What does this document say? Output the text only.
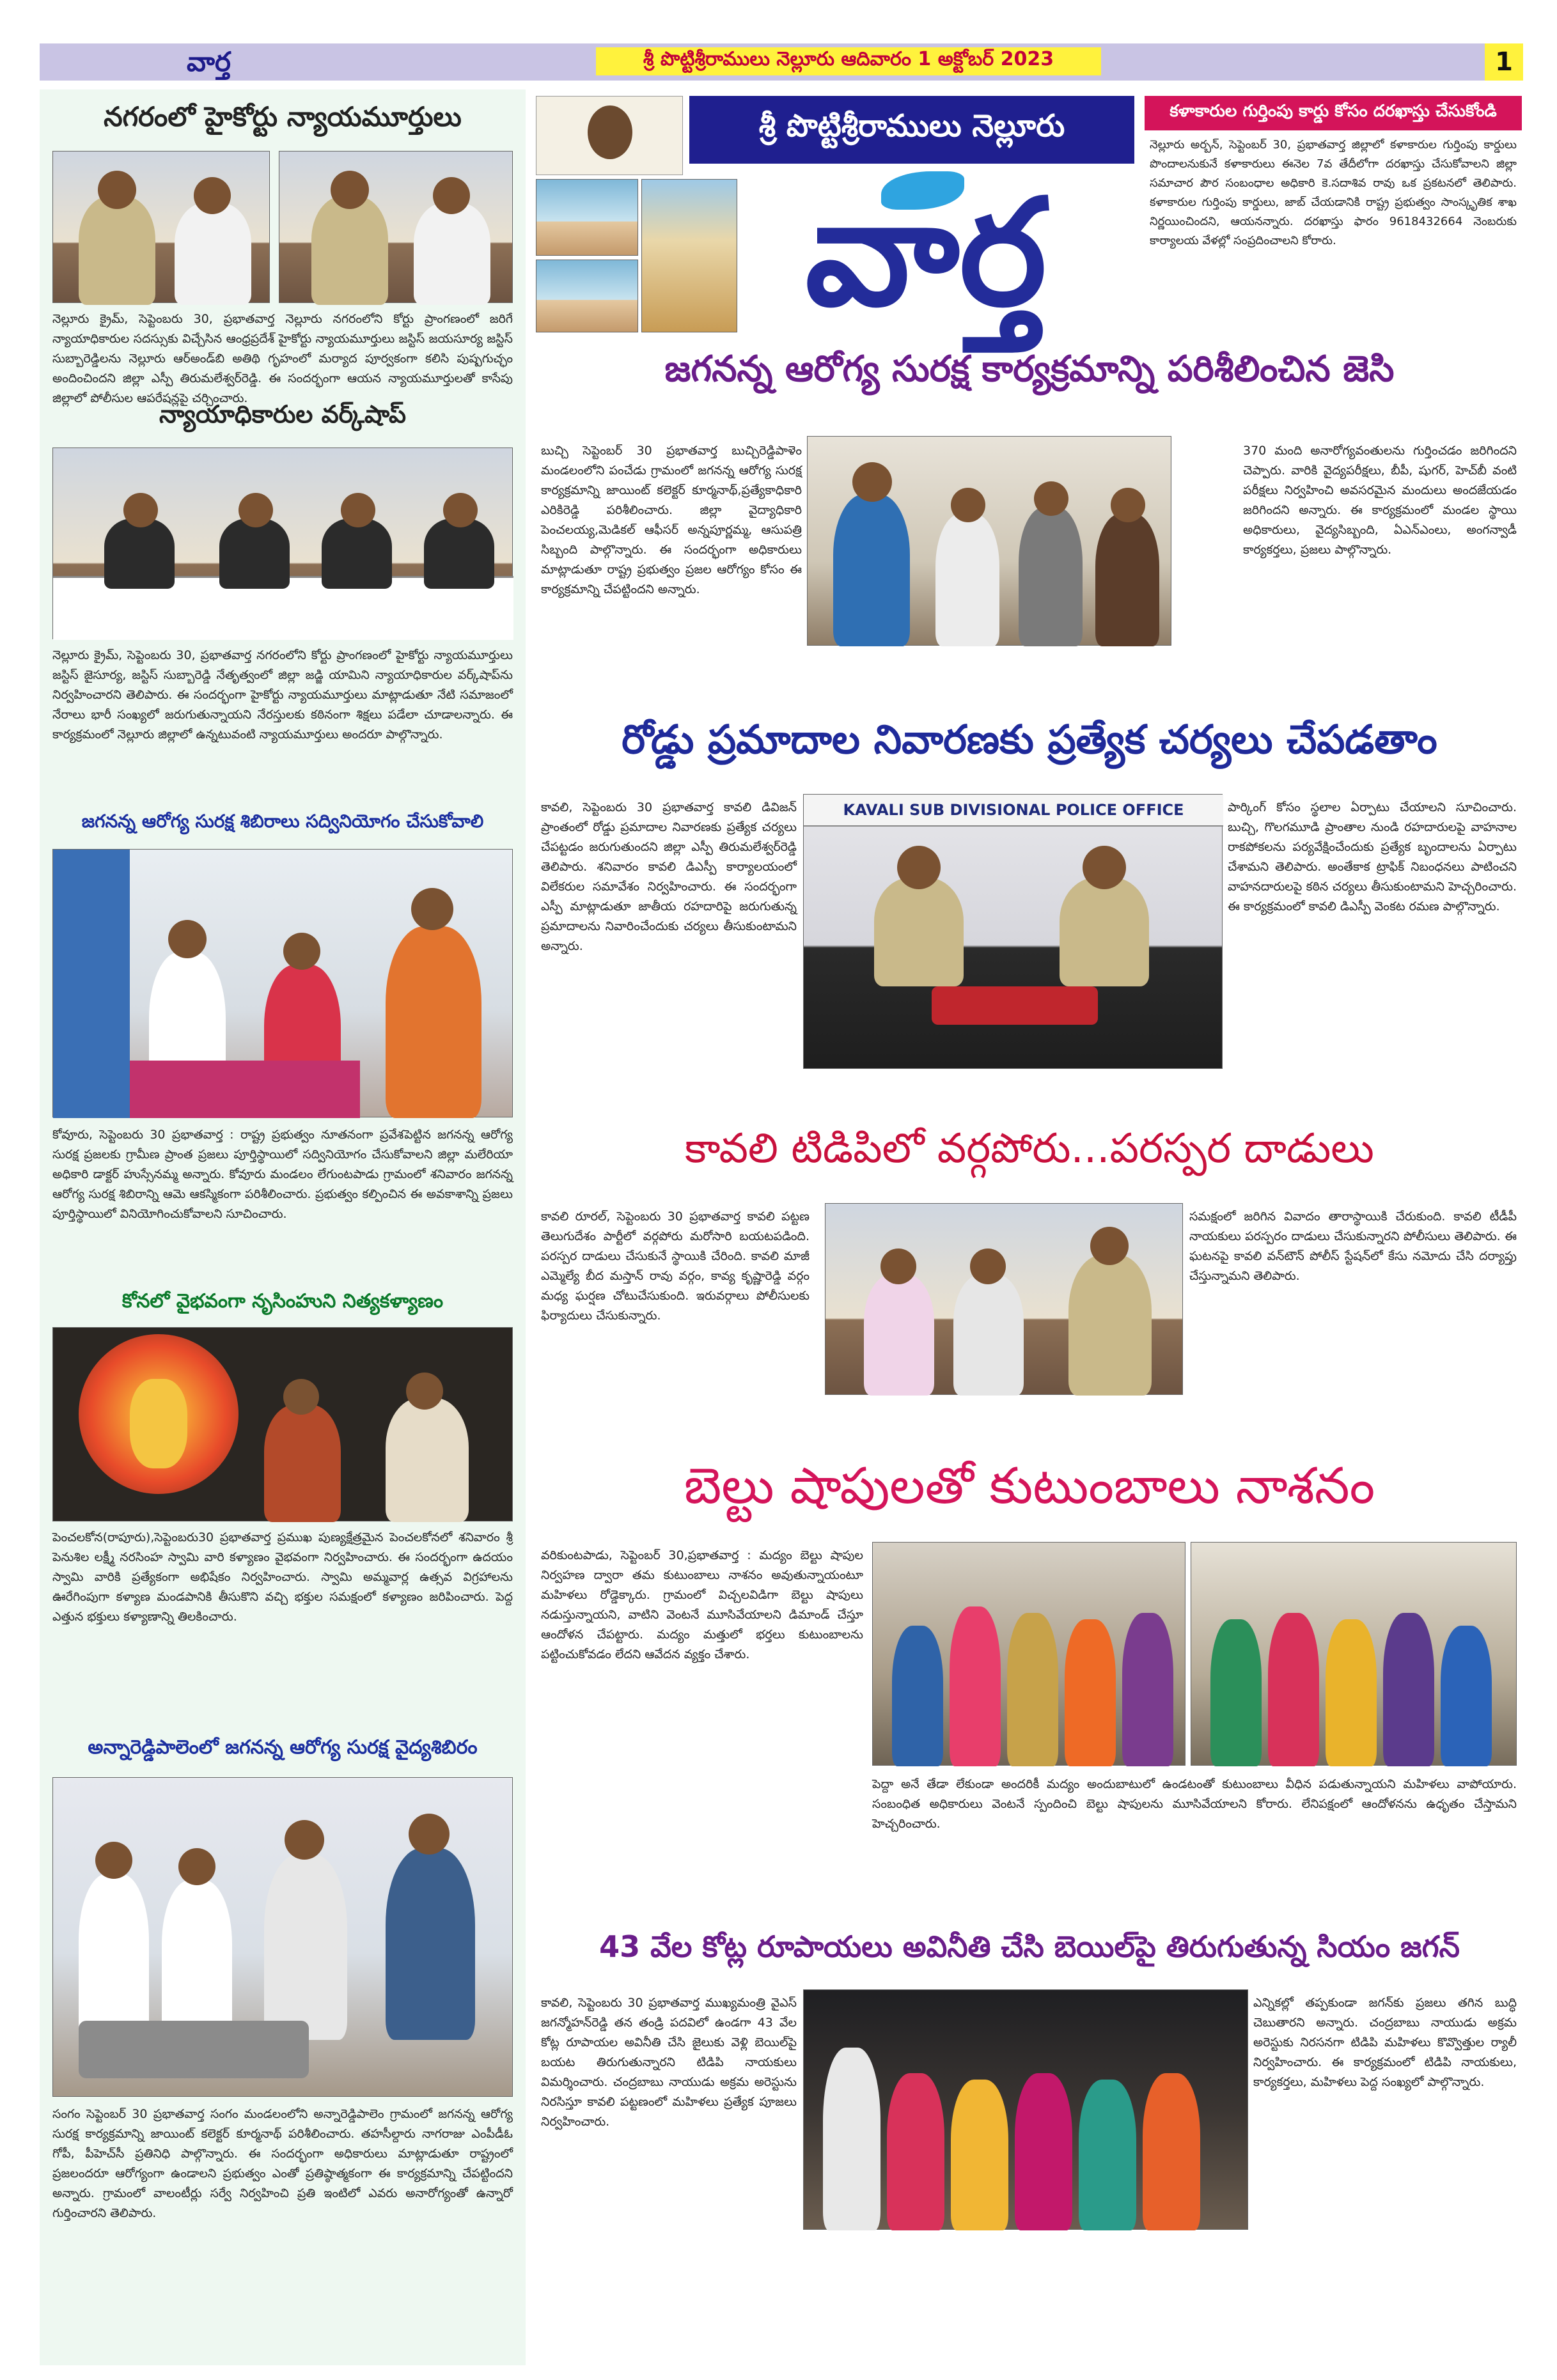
వార్త	శ్రీ పొట్టిశ్రీరాములు నెల్లూరు ఆదివారం 1 అక్టోబర్ 2023	1
నగరంలో హైకోర్టు న్యాయమూర్తులు
నెల్లూరు క్రైమ్, సెప్టెంబరు 30, ప్రభాతవార్త నెల్లూరు నగరంలోని కోర్టు ప్రాంగణంలో జరిగే న్యాయాధికారుల సదస్సుకు విచ్చేసిన ఆంధ్రప్రదేశ్ హైకోర్టు న్యాయమూర్తులు జస్టిస్ జయసూర్య జస్టిస్ సుబ్బారెడ్డిలను నెల్లూరు ఆర్‌అండ్‌బి అతిథి గృహంలో మర్యాద పూర్వకంగా కలిసి పుష్పగుచ్ఛం అందించిందని జిల్లా ఎస్పీ తిరుమలేశ్వర్‌రెడ్డి. ఈ సందర్భంగా ఆయన న్యాయమూర్తులతో కాసేపు జిల్లాలో పోలీసుల ఆపరేషన్లపై చర్చించారు.
న్యాయాధికారుల వర్క్‌షాప్
నెల్లూరు క్రైమ్, సెప్టెంబరు 30, ప్రభాతవార్త నగరంలోని కోర్టు ప్రాంగణంలో హైకోర్టు న్యాయమూర్తులు జస్టిస్ జైసూర్య, జస్టిస్ సుబ్బారెడ్డి నేతృత్వంలో జిల్లా జడ్జి యామిని న్యాయాధికారుల వర్క్‌షాప్‌ను నిర్వహించారని తెలిపారు. ఈ సందర్భంగా హైకోర్టు న్యాయమూర్తులు మాట్లాడుతూ నేటి సమాజంలో నేరాలు భారీ సంఖ్యలో జరుగుతున్నాయని నేరస్తులకు కఠినంగా శిక్షలు పడేలా చూడాలన్నారు. ఈ కార్యక్రమంలో నెల్లూరు జిల్లాలో ఉన్నటువంటి న్యాయమూర్తులు అందరూ పాల్గొన్నారు.
జగనన్న ఆరోగ్య సురక్ష శిబిరాలు సద్వినియోగం చేసుకోవాలి
కోవూరు, సెప్టెంబరు 30 ప్రభాతవార్త : రాష్ట్ర ప్రభుత్వం నూతనంగా ప్రవేశపెట్టిన జగనన్న ఆరోగ్య సురక్ష ప్రజలకు గ్రామీణ ప్రాంత ప్రజలు పూర్తిస్థాయిలో సద్వినియోగం చేసుకోవాలని జిల్లా మలేరియా అధికారి డాక్టర్ హుస్సేనమ్మ అన్నారు. కోవూరు మండలం లేగుంటపాడు గ్రామంలో శనివారం జగనన్న ఆరోగ్య సురక్ష శిబిరాన్ని ఆమె ఆకస్మికంగా పరిశీలించారు. ప్రభుత్వం కల్పించిన ఈ అవకాశాన్ని ప్రజలు పూర్తిస్థాయిలో వినియోగించుకోవాలని సూచించారు.
కోనలో వైభవంగా నృసింహుని నిత్యకళ్యాణం
పెంచలకోన(రాపూరు),సెప్టెంబరు30 ప్రభాతవార్త ప్రముఖ పుణ్యక్షేత్రమైన పెంచలకోనలో శనివారం శ్రీ పెనుశిల లక్ష్మీ నరసింహ స్వామి వారి కళ్యాణం వైభవంగా నిర్వహించారు. ఈ సందర్భంగా ఉదయం స్వామి వారికి ప్రత్యేకంగా అభిషేకం నిర్వహించారు. స్వామి అమ్మవార్ల ఉత్సవ విగ్రహాలను ఊరేగింపుగా కళ్యాణ మండపానికి తీసుకొని వచ్చి భక్తుల సమక్షంలో కళ్యాణం జరిపించారు. పెద్ద ఎత్తున భక్తులు కళ్యాణాన్ని తిలకించారు.
అన్నారెడ్డిపాలెంలో జగనన్న ఆరోగ్య సురక్ష వైద్యశిబిరం
సంగం సెప్టెంబర్ 30 ప్రభాతవార్త సంగం మండలంలోని అన్నారెడ్డిపాలెం గ్రామంలో జగనన్న ఆరోగ్య సురక్ష కార్యక్రమాన్ని జాయింట్ కలెక్టర్ కూర్మనాథ్ పరిశీలించారు. తహసీల్దారు నాగరాజు ఎంపీడీఓ గోపీ, పీహెచ్‌సీ ప్రతినిధి పాల్గొన్నారు. ఈ సందర్భంగా అధికారులు మాట్లాడుతూ రాష్ట్రంలో ప్రజలందరూ ఆరోగ్యంగా ఉండాలని ప్రభుత్వం ఎంతో ప్రతిష్ఠాత్మకంగా ఈ కార్యక్రమాన్ని చేపట్టిందని అన్నారు. గ్రామంలో వాలంటీర్లు సర్వే నిర్వహించి ప్రతి ఇంటిలో ఎవరు అనారోగ్యంతో ఉన్నారో గుర్తించారని తెలిపారు.
శ్రీ పొట్టిశ్రీరాములు నెల్లూరు
వార్త
కళాకారుల గుర్తింపు కార్డు కోసం దరఖాస్తు చేసుకోండి
నెల్లూరు అర్బన్, సెప్టెంబర్ 30, ప్రభాతవార్త జిల్లాలో కళాకారుల గుర్తింపు కార్డులు పొందాలనుకునే కళాకారులు ఈనెల 7వ తేదీలోగా దరఖాస్తు చేసుకోవాలని జిల్లా సమాచార పౌర సంబంధాల అధికారి కె.సదాశివ రావు ఒక ప్రకటనలో తెలిపారు. కళాకారుల గుర్తింపు కార్డులు, జాబ్ చేయడానికి రాష్ట్ర ప్రభుత్వం సాంస్కృతిక శాఖ నిర్ణయించిందని, ఆయనన్నారు. దరఖాస్తు ఫారం 9618432664 నెంబరుకు కార్యాలయ వేళల్లో సంప్రదించాలని కోరారు.
జగనన్న ఆరోగ్య సురక్ష కార్యక్రమాన్ని పరిశీలించిన జెసి
బుచ్చి సెప్టెంబర్ 30 ప్రభాతవార్త బుచ్చిరెడ్డిపాళెం మండలంలోని పంచేడు గ్రామంలో జగనన్న ఆరోగ్య సురక్ష కార్యక్రమాన్ని జాయింట్ కలెక్టర్ కూర్మనాథ్,ప్రత్యేకాధికారి ఎరికిరెడ్డి పరిశీలించారు. జిల్లా వైద్యాధికారి పెంచలయ్య,మెడికల్ ఆఫీసర్ అన్నపూర్ణమ్మ, ఆసుపత్రి సిబ్బంది పాల్గొన్నారు. ఈ సందర్భంగా అధికారులు మాట్లాడుతూ రాష్ట్ర ప్రభుత్వం ప్రజల ఆరోగ్యం కోసం ఈ కార్యక్రమాన్ని చేపట్టిందని అన్నారు.
370 మంది అనారోగ్యవంతులను గుర్తించడం జరిగిందని చెప్పారు. వారికి వైద్యపరీక్షలు, బీపీ, షుగర్, హెచ్‌బీ వంటి పరీక్షలు నిర్వహించి అవసరమైన మందులు అందజేయడం జరిగిందని అన్నారు. ఈ కార్యక్రమంలో మండల స్థాయి అధికారులు, వైద్యసిబ్బంది, ఏఎన్ఎంలు, అంగన్వాడీ కార్యకర్తలు, ప్రజలు పాల్గొన్నారు.
రోడ్డు ప్రమాదాల నివారణకు ప్రత్యేక చర్యలు చేపడతాం
కావలి, సెప్టెంబరు 30 ప్రభాతవార్త కావలి డివిజన్ ప్రాంతంలో రోడ్డు ప్రమాదాల నివారణకు ప్రత్యేక చర్యలు చేపట్టడం జరుగుతుందని జిల్లా ఎస్పీ తిరుమలేశ్వర్‌రెడ్డి తెలిపారు. శనివారం కావలి డిఎస్పీ కార్యాలయంలో విలేకరుల సమావేశం నిర్వహించారు. ఈ సందర్భంగా ఎస్పీ మాట్లాడుతూ జాతీయ రహదారిపై జరుగుతున్న ప్రమాదాలను నివారించేందుకు చర్యలు తీసుకుంటామని అన్నారు.
KAVALI SUB DIVISIONAL POLICE OFFICE	పార్కింగ్ కోసం స్థలాల ఏర్పాటు చేయాలని సూచించారు. బుచ్చి, గొలగమూడి ప్రాంతాల నుండి రహదారులపై వాహనాల రాకపోకలను పర్యవేక్షించేందుకు ప్రత్యేక బృందాలను ఏర్పాటు చేశామని తెలిపారు. అంతేకాక ట్రాఫిక్ నిబంధనలు పాటించని వాహనదారులపై కఠిన చర్యలు తీసుకుంటామని హెచ్చరించారు. ఈ కార్యక్రమంలో కావలి డిఎస్పీ వెంకట రమణ పాల్గొన్నారు.
కావలి టిడిపిలో వర్గపోరు...పరస్పర దాడులు
కావలి రూరల్, సెప్టెంబరు 30 ప్రభాతవార్త కావలి పట్టణ తెలుగుదేశం పార్టీలో వర్గపోరు మరోసారి బయటపడింది. పరస్పర దాడులు చేసుకునే స్థాయికి చేరింది. కావలి మాజీ ఎమ్మెల్యే బీద మస్తాన్ రావు వర్గం, కావ్య కృష్ణారెడ్డి వర్గం మధ్య ఘర్షణ చోటుచేసుకుంది. ఇరువర్గాలు పోలీసులకు ఫిర్యాదులు చేసుకున్నారు.
సమక్షంలో జరిగిన వివాదం తారాస్థాయికి చేరుకుంది. కావలి టీడీపీ నాయకులు పరస్పరం దాడులు చేసుకున్నారని పోలీసులు తెలిపారు. ఈ ఘటనపై కావలి వన్‌టౌన్ పోలీస్ స్టేషన్‌లో కేసు నమోదు చేసి దర్యాప్తు చేస్తున్నామని తెలిపారు.
బెల్టు షాపులతో కుటుంబాలు నాశనం
వరికుంటపాడు, సెప్టెంబర్ 30,ప్రభాతవార్త : మద్యం బెల్టు షాపుల నిర్వహణ ద్వారా తమ కుటుంబాలు నాశనం అవుతున్నాయంటూ మహిళలు రోడ్డెక్కారు. గ్రామంలో విచ్చలవిడిగా బెల్టు షాపులు నడుస్తున్నాయని, వాటిని వెంటనే మూసివేయాలని డిమాండ్ చేస్తూ ఆందోళన చేపట్టారు. మద్యం మత్తులో భర్తలు కుటుంబాలను పట్టించుకోవడం లేదని ఆవేదన వ్యక్తం చేశారు.
పెద్దా అనే తేడా లేకుండా అందరికీ మద్యం అందుబాటులో ఉండటంతో కుటుంబాలు వీధిన పడుతున్నాయని మహిళలు వాపోయారు. సంబంధిత అధికారులు వెంటనే స్పందించి బెల్టు షాపులను మూసివేయాలని కోరారు. లేనిపక్షంలో ఆందోళనను ఉధృతం చేస్తామని హెచ్చరించారు.
43 వేల కోట్ల రూపాయలు అవినీతి చేసి బెయిల్‌పై తిరుగుతున్న సియం జగన్
కావలి, సెప్టెంబరు 30 ప్రభాతవార్త ముఖ్యమంత్రి వైఎస్ జగన్మోహన్‌రెడ్డి తన తండ్రి పదవిలో ఉండగా 43 వేల కోట్ల రూపాయల అవినీతి చేసి జైలుకు వెళ్లి బెయిల్‌పై బయట తిరుగుతున్నారని టిడిపి నాయకులు విమర్శించారు. చంద్రబాబు నాయుడు అక్రమ అరెస్టును నిరసిస్తూ కావలి పట్టణంలో మహిళలు ప్రత్యేక పూజలు నిర్వహించారు.
ఎన్నికల్లో తప్పకుండా జగన్‌కు ప్రజలు తగిన బుద్ధి చెబుతారని అన్నారు. చంద్రబాబు నాయుడు అక్రమ అరెస్టుకు నిరసనగా టిడిపి మహిళలు కొవ్వొత్తుల ర్యాలీ నిర్వహించారు. ఈ కార్యక్రమంలో టిడిపి నాయకులు, కార్యకర్తలు, మహిళలు పెద్ద సంఖ్యలో పాల్గొన్నారు.
